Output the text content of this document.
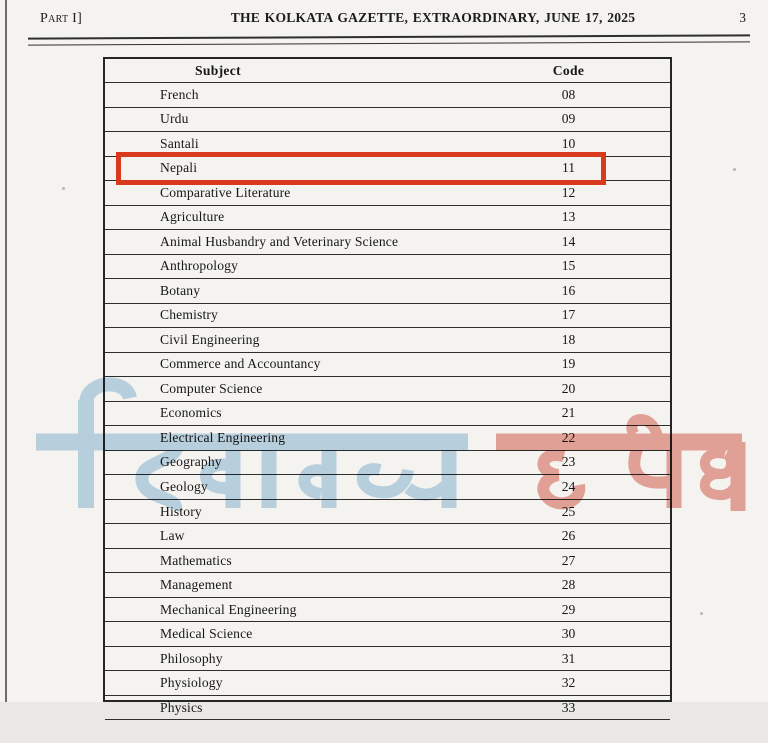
Part I]	THE KOLKATA GAZETTE, EXTRAORDINARY, JUNE 17, 2025	3
Subject	Code
French	08
Urdu	09
Santali	10
Nepali	11
Comparative Literature	12
Agriculture	13
Animal Husbandry and Veterinary Science	14
Anthropology	15
Botany	16
Chemistry	17
Civil Engineering	18
Commerce and Accountancy	19
Computer Science	20
Economics	21
Electrical Engineering	22
Geography	23
Geology	24
History	25
Law	26
Mathematics	27
Management	28
Mechanical Engineering	29
Medical Science	30
Philosophy	31
Physiology	32
Physics	33
